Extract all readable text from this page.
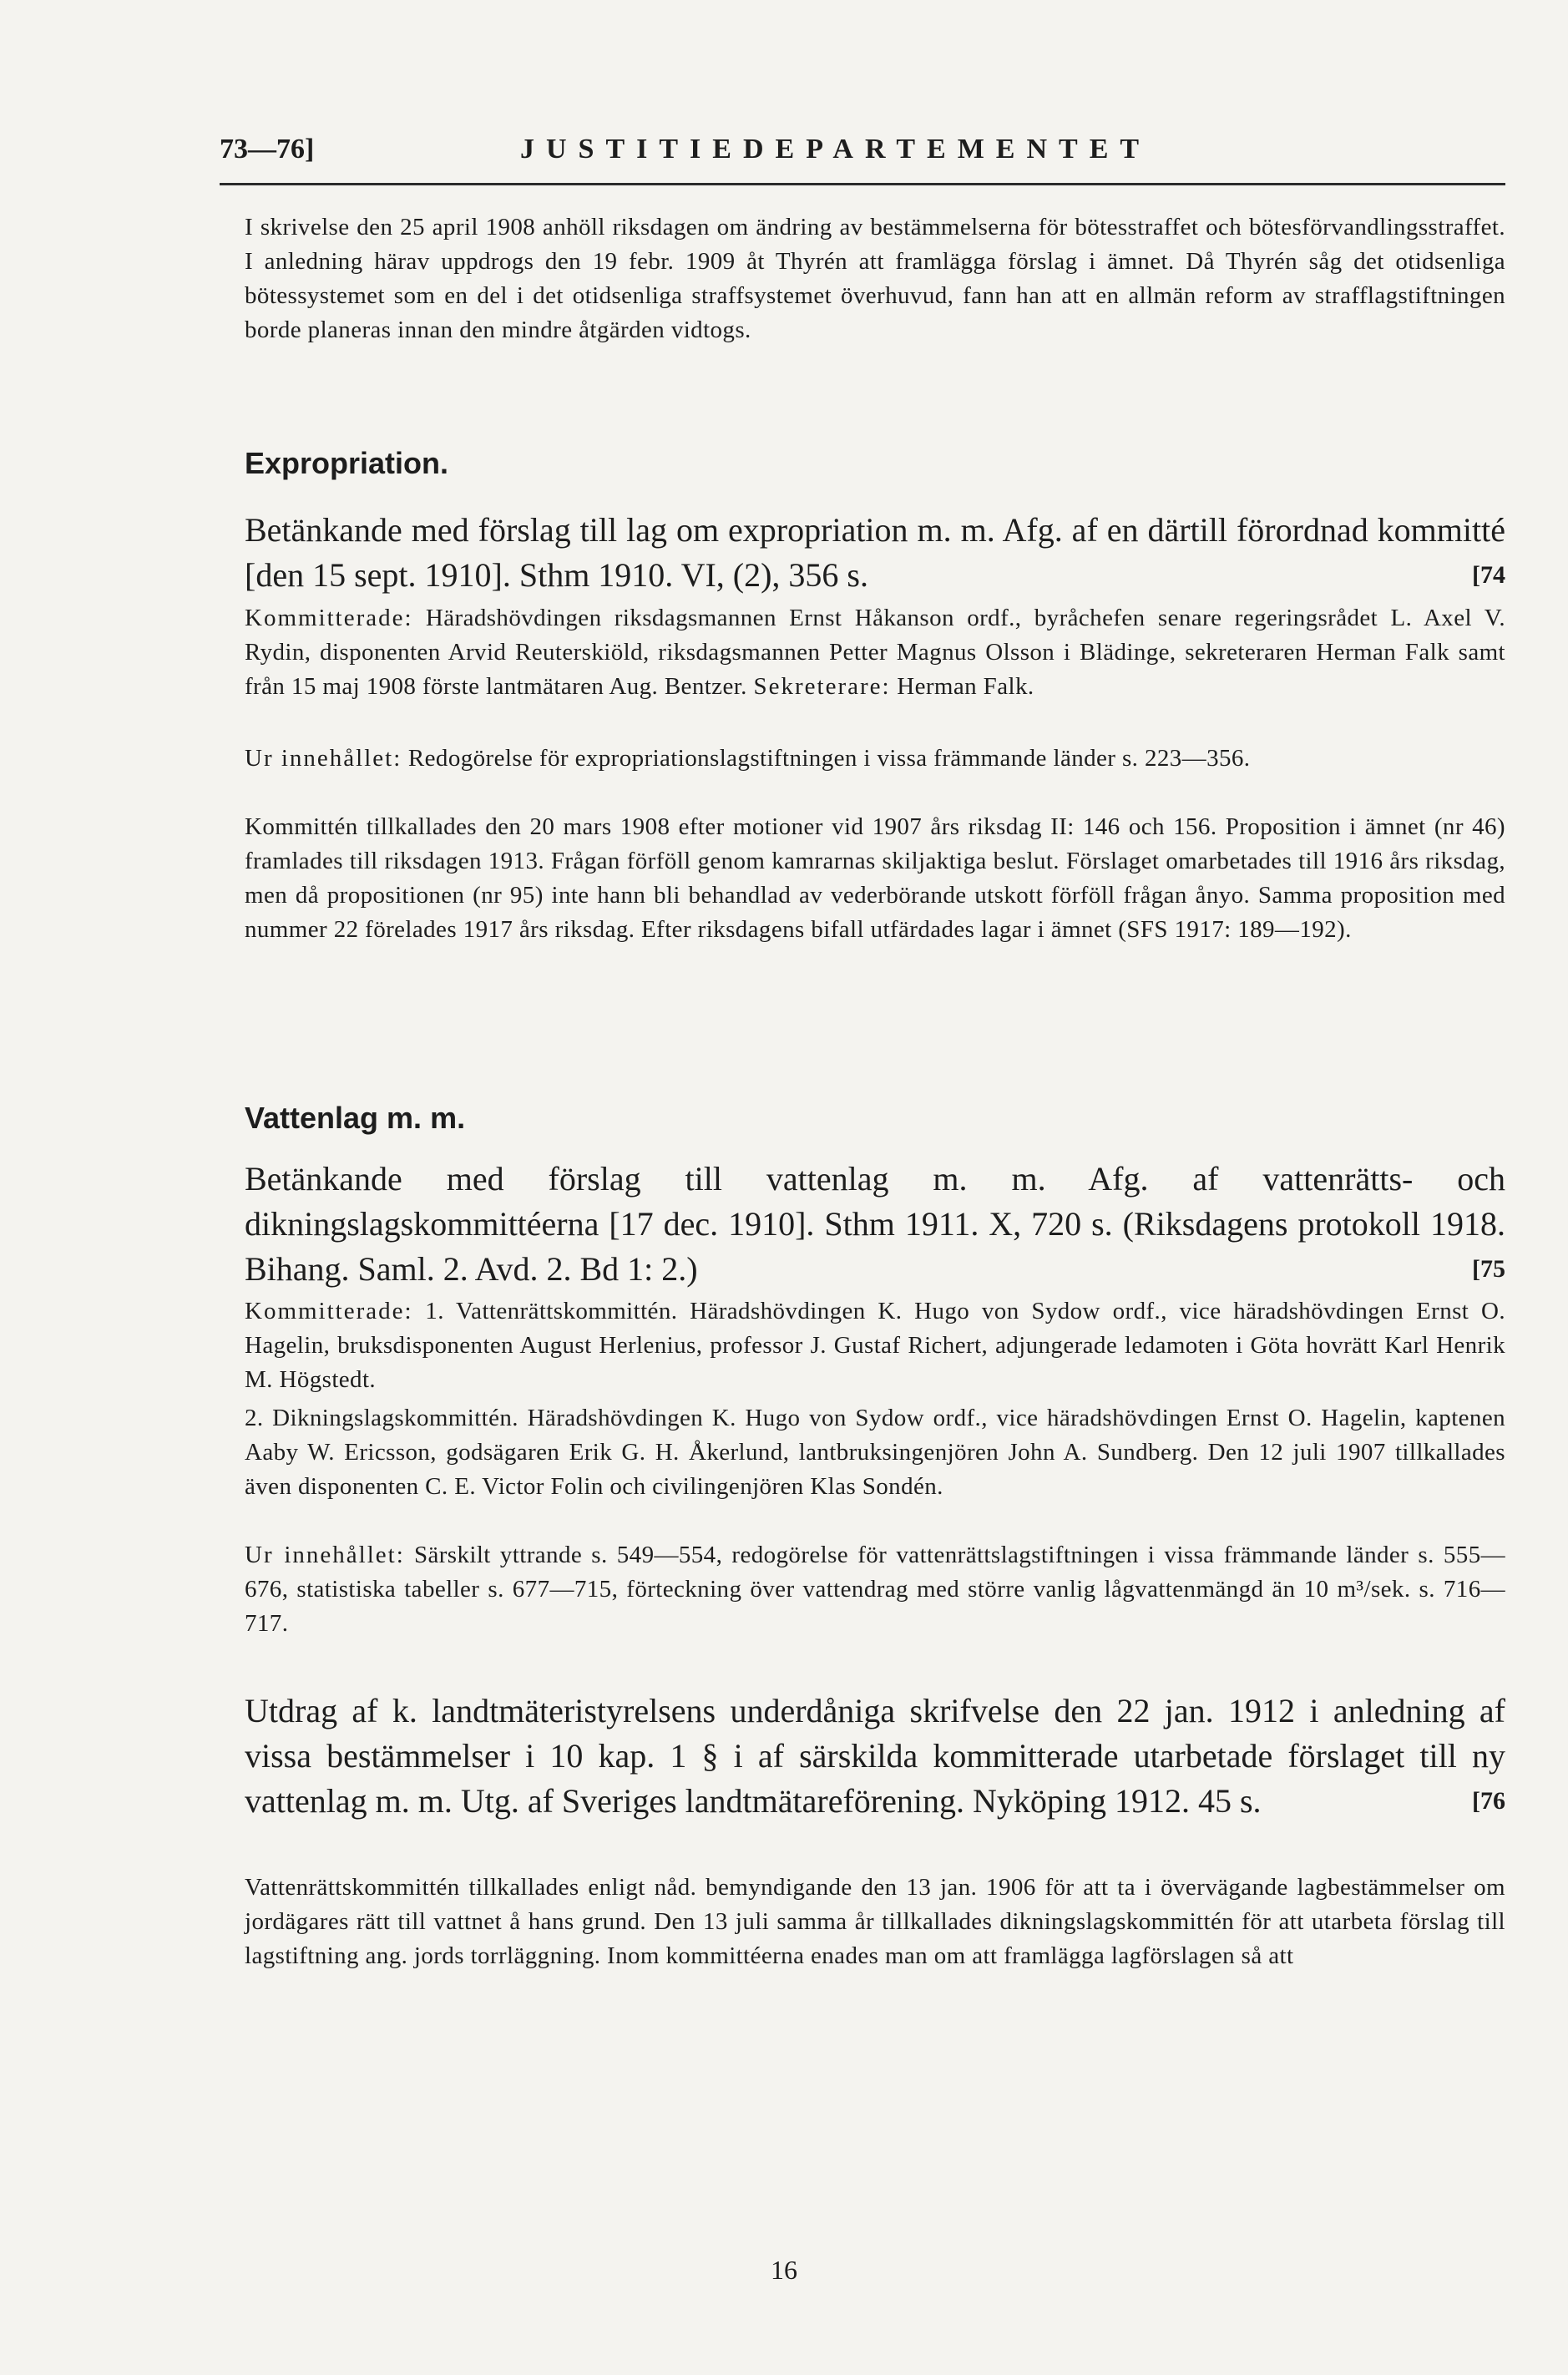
73—76]	JUSTITIEDEPARTEMENTET

I skrivelse den 25 april 1908 anhöll riksdagen om ändring av bestämmelserna för bötesstraffet och bötesförvandlingsstraffet. I anledning härav uppdrogs den 19 febr. 1909 åt Thyrén att framlägga förslag i ämnet. Då Thyrén såg det otidsenliga bötessystemet som en del i det otidsenliga straffsystemet överhuvud, fann han att en allmän reform av strafflagstiftningen borde planeras innan den mindre åtgärden vidtogs.

Expropriation.

Betänkande med förslag till lag om expropriation m. m. Afg. af en därtill förordnad kommitté [den 15 sept. 1910]. Sthm 1910. VI, (2), 356 s.	[74

Kommitterade: Häradshövdingen riksdagsmannen Ernst Håkanson ordf., byråchefen senare regeringsrådet L. Axel V. Rydin, disponenten Arvid Reuterskiöld, riksdagsmannen Petter Magnus Olsson i Blädinge, sekreteraren Herman Falk samt från 15 maj 1908 förste lantmätaren Aug. Bentzer. Sekreterare: Herman Falk.

Ur innehållet: Redogörelse för expropriationslagstiftningen i vissa främmande länder s. 223—356.

Kommittén tillkallades den 20 mars 1908 efter motioner vid 1907 års riksdag II: 146 och 156. Proposition i ämnet (nr 46) framlades till riksdagen 1913. Frågan förföll genom kamrarnas skiljaktiga beslut. Förslaget omarbetades till 1916 års riksdag, men då propositionen (nr 95) inte hann bli behandlad av vederbörande utskott förföll frågan ånyo. Samma proposition med nummer 22 förelades 1917 års riksdag. Efter riksdagens bifall utfärdades lagar i ämnet (SFS 1917: 189—192).

Vattenlag m. m.

Betänkande med förslag till vattenlag m. m. Afg. af vattenrätts- och dikningslagskommittéerna [17 dec. 1910]. Sthm 1911. X, 720 s. (Riksdagens protokoll 1918. Bihang. Saml. 2. Avd. 2. Bd 1: 2.)	[75

Kommitterade: 1. Vattenrättskommittén. Häradshövdingen K. Hugo von Sydow ordf., vice häradshövdingen Ernst O. Hagelin, bruksdisponenten August Herlenius, professor J. Gustaf Richert, adjungerade ledamoten i Göta hovrätt Karl Henrik M. Högstedt.

2. Dikningslagskommittén. Häradshövdingen K. Hugo von Sydow ordf., vice häradshövdingen Ernst O. Hagelin, kaptenen Aaby W. Ericsson, godsägaren Erik G. H. Åkerlund, lantbruksingenjören John A. Sundberg. Den 12 juli 1907 tillkallades även disponenten C. E. Victor Folin och civilingenjören Klas Sondén.

Ur innehållet: Särskilt yttrande s. 549—554, redogörelse för vattenrättslagstiftningen i vissa främmande länder s. 555—676, statistiska tabeller s. 677—715, förteckning över vattendrag med större vanlig lågvattenmängd än 10 m³/sek. s. 716—717.

Utdrag af k. landtmäteristyrelsens underdåniga skrifvelse den 22 jan. 1912 i anledning af vissa bestämmelser i 10 kap. 1 § i af särskilda kommitterade utarbetade förslaget till ny vattenlag m. m. Utg. af Sveriges landtmätareförening. Nyköping 1912. 45 s.	[76

Vattenrättskommittén tillkallades enligt nåd. bemyndigande den 13 jan. 1906 för att ta i övervägande lagbestämmelser om jordägares rätt till vattnet å hans grund. Den 13 juli samma år tillkallades dikningslagskommittén för att utarbeta förslag till lagstiftning ang. jords torrläggning. Inom kommittéerna enades man om att framlägga lagförslagen så att

16
